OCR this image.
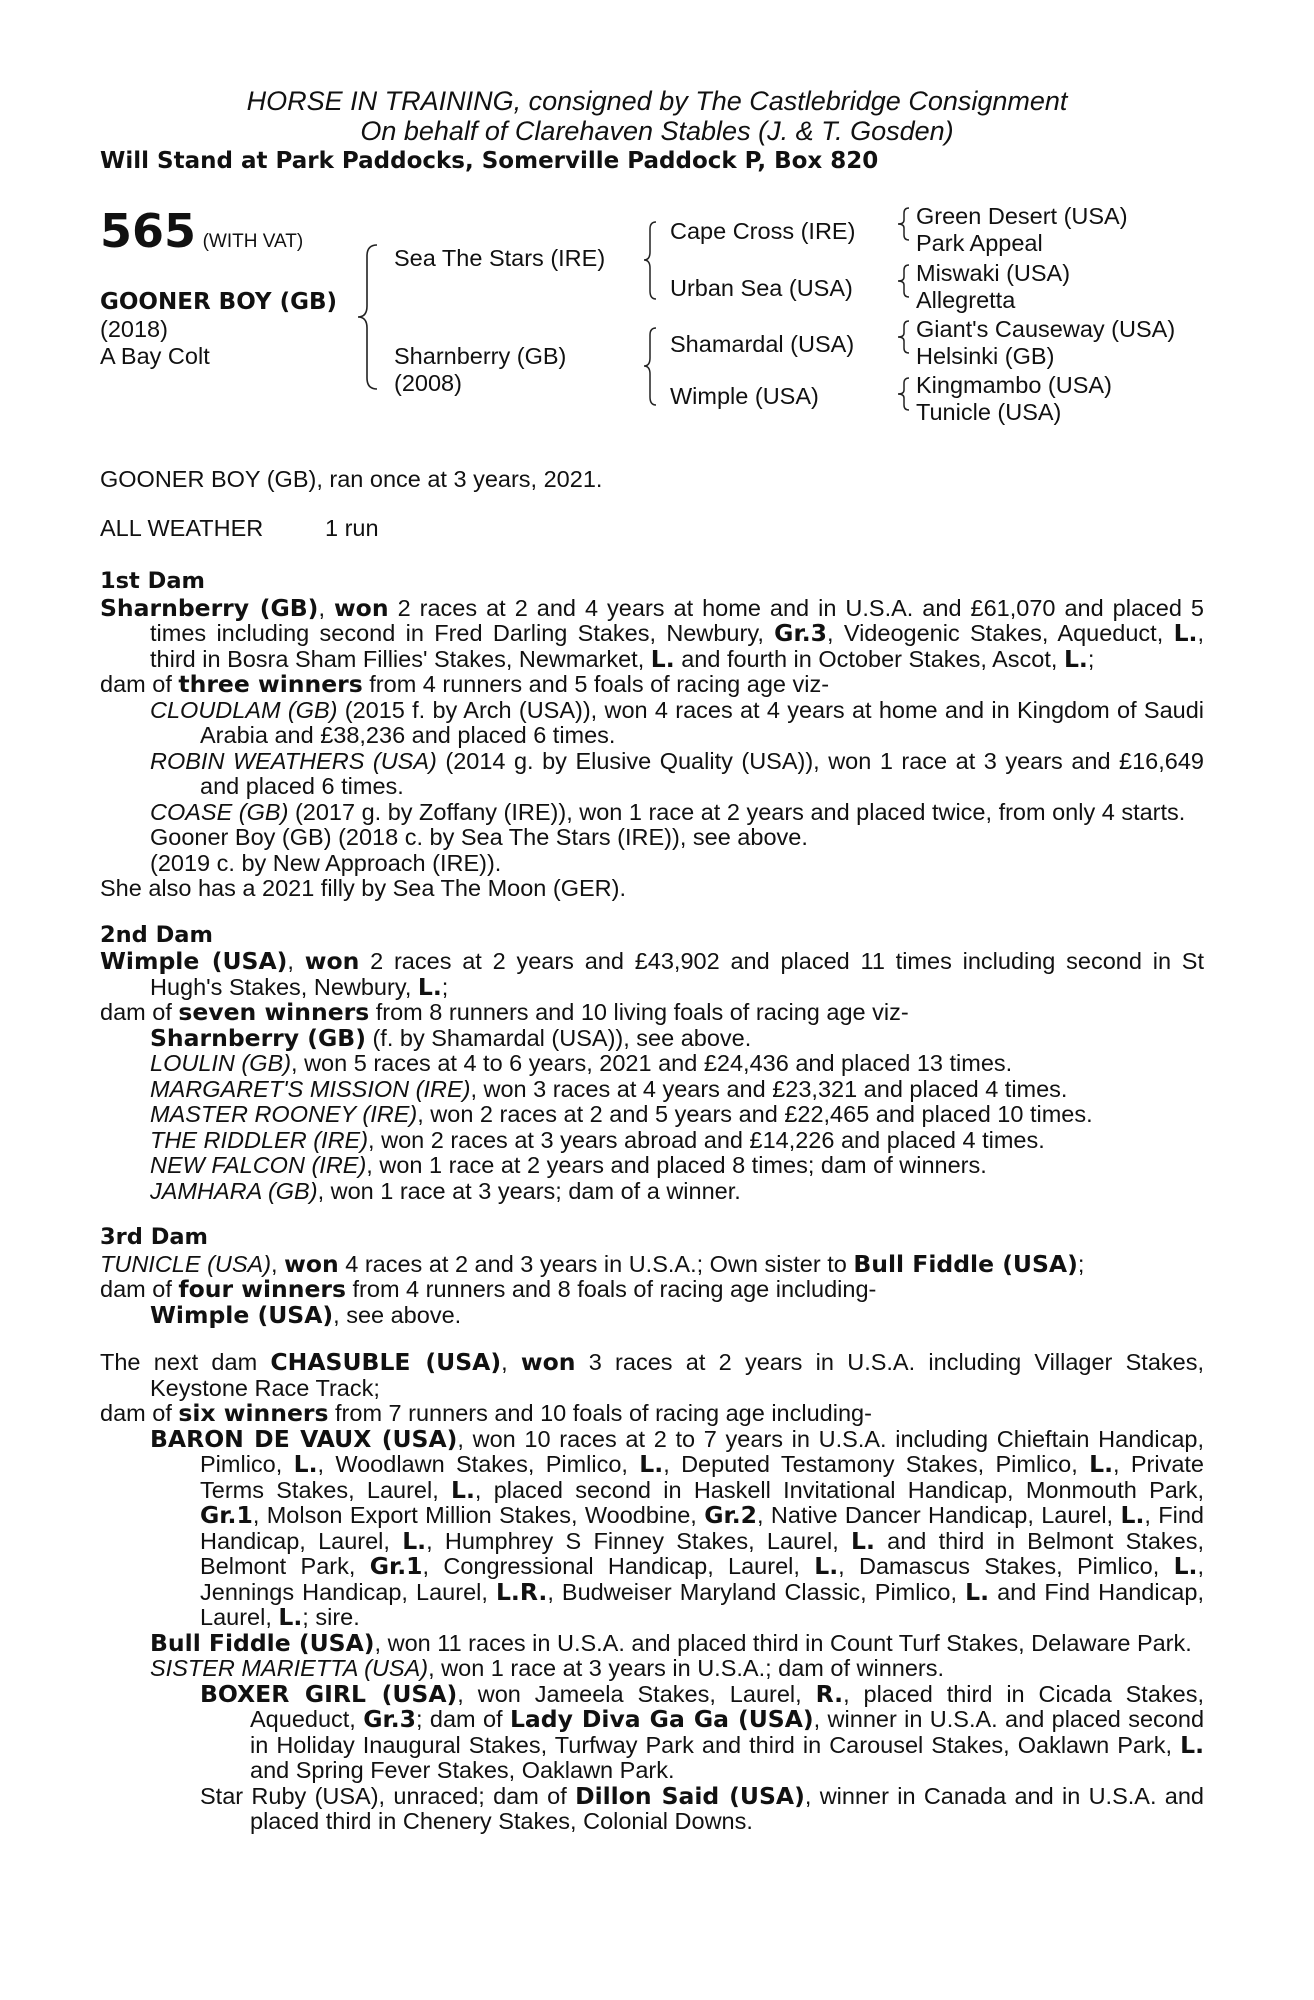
HORSE IN TRAINING, consigned by The Castlebridge Consignment
On behalf of Clarehaven Stables (J. & T. Gosden)
Will Stand at Park Paddocks, Somerville Paddock P, Box 820
565 (WITH VAT)
GOONER BOY (GB)
(2018)
A Bay Colt
Sea The Stars (IRE)
Sharnberry (GB)
(2008)
Cape Cross (IRE)
Urban Sea (USA)
Shamardal (USA)
Wimple (USA)
Green Desert (USA)
Park Appeal
Miswaki (USA)
Allegretta
Giant's Causeway (USA)
Helsinki (GB)
Kingmambo (USA)
Tunicle (USA)
GOONER BOY (GB), ran once at 3 years, 2021.
ALL WEATHER	1 run
1st Dam
Sharnberry (GB), won 2 races at 2 and 4 years at home and in U.S.A. and £61,070 and placed 5 times including second in Fred Darling Stakes, Newbury, Gr.3, Videogenic Stakes, Aqueduct, L., third in Bosra Sham Fillies' Stakes, Newmarket, L. and fourth in October Stakes, Ascot, L.;
dam of three winners from 4 runners and 5 foals of racing age viz-
CLOUDLAM (GB) (2015 f. by Arch (USA)), won 4 races at 4 years at home and in Kingdom of Saudi Arabia and £38,236 and placed 6 times.
ROBIN WEATHERS (USA) (2014 g. by Elusive Quality (USA)), won 1 race at 3 years and £16,649 and placed 6 times.
COASE (GB) (2017 g. by Zoffany (IRE)), won 1 race at 2 years and placed twice, from only 4 starts.
Gooner Boy (GB) (2018 c. by Sea The Stars (IRE)), see above.
(2019 c. by New Approach (IRE)).
She also has a 2021 filly by Sea The Moon (GER).
2nd Dam
Wimple (USA), won 2 races at 2 years and £43,902 and placed 11 times including second in St Hugh's Stakes, Newbury, L.;
dam of seven winners from 8 runners and 10 living foals of racing age viz-
Sharnberry (GB) (f. by Shamardal (USA)), see above.
LOULIN (GB), won 5 races at 4 to 6 years, 2021 and £24,436 and placed 13 times.
MARGARET'S MISSION (IRE), won 3 races at 4 years and £23,321 and placed 4 times.
MASTER ROONEY (IRE), won 2 races at 2 and 5 years and £22,465 and placed 10 times.
THE RIDDLER (IRE), won 2 races at 3 years abroad and £14,226 and placed 4 times.
NEW FALCON (IRE), won 1 race at 2 years and placed 8 times; dam of winners.
JAMHARA (GB), won 1 race at 3 years; dam of a winner.
3rd Dam
TUNICLE (USA), won 4 races at 2 and 3 years in U.S.A.; Own sister to Bull Fiddle (USA);
dam of four winners from 4 runners and 8 foals of racing age including-
Wimple (USA), see above.
The next dam CHASUBLE (USA), won 3 races at 2 years in U.S.A. including Villager Stakes, Keystone Race Track;
dam of six winners from 7 runners and 10 foals of racing age including-
BARON DE VAUX (USA), won 10 races at 2 to 7 years in U.S.A. including Chieftain Handicap, Pimlico, L., Woodlawn Stakes, Pimlico, L., Deputed Testamony Stakes, Pimlico, L., Private Terms Stakes, Laurel, L., placed second in Haskell Invitational Handicap, Monmouth Park, Gr.1, Molson Export Million Stakes, Woodbine, Gr.2, Native Dancer Handicap, Laurel, L., Find Handicap, Laurel, L., Humphrey S Finney Stakes, Laurel, L. and third in Belmont Stakes, Belmont Park, Gr.1, Congressional Handicap, Laurel, L., Damascus Stakes, Pimlico, L., Jennings Handicap, Laurel, L.R., Budweiser Maryland Classic, Pimlico, L. and Find Handicap, Laurel, L.; sire.
Bull Fiddle (USA), won 11 races in U.S.A. and placed third in Count Turf Stakes, Delaware Park.
SISTER MARIETTA (USA), won 1 race at 3 years in U.S.A.; dam of winners.
BOXER GIRL (USA), won Jameela Stakes, Laurel, R., placed third in Cicada Stakes, Aqueduct, Gr.3; dam of Lady Diva Ga Ga (USA), winner in U.S.A. and placed second in Holiday Inaugural Stakes, Turfway Park and third in Carousel Stakes, Oaklawn Park, L. and Spring Fever Stakes, Oaklawn Park.
Star Ruby (USA), unraced; dam of Dillon Said (USA), winner in Canada and in U.S.A. and placed third in Chenery Stakes, Colonial Downs.
